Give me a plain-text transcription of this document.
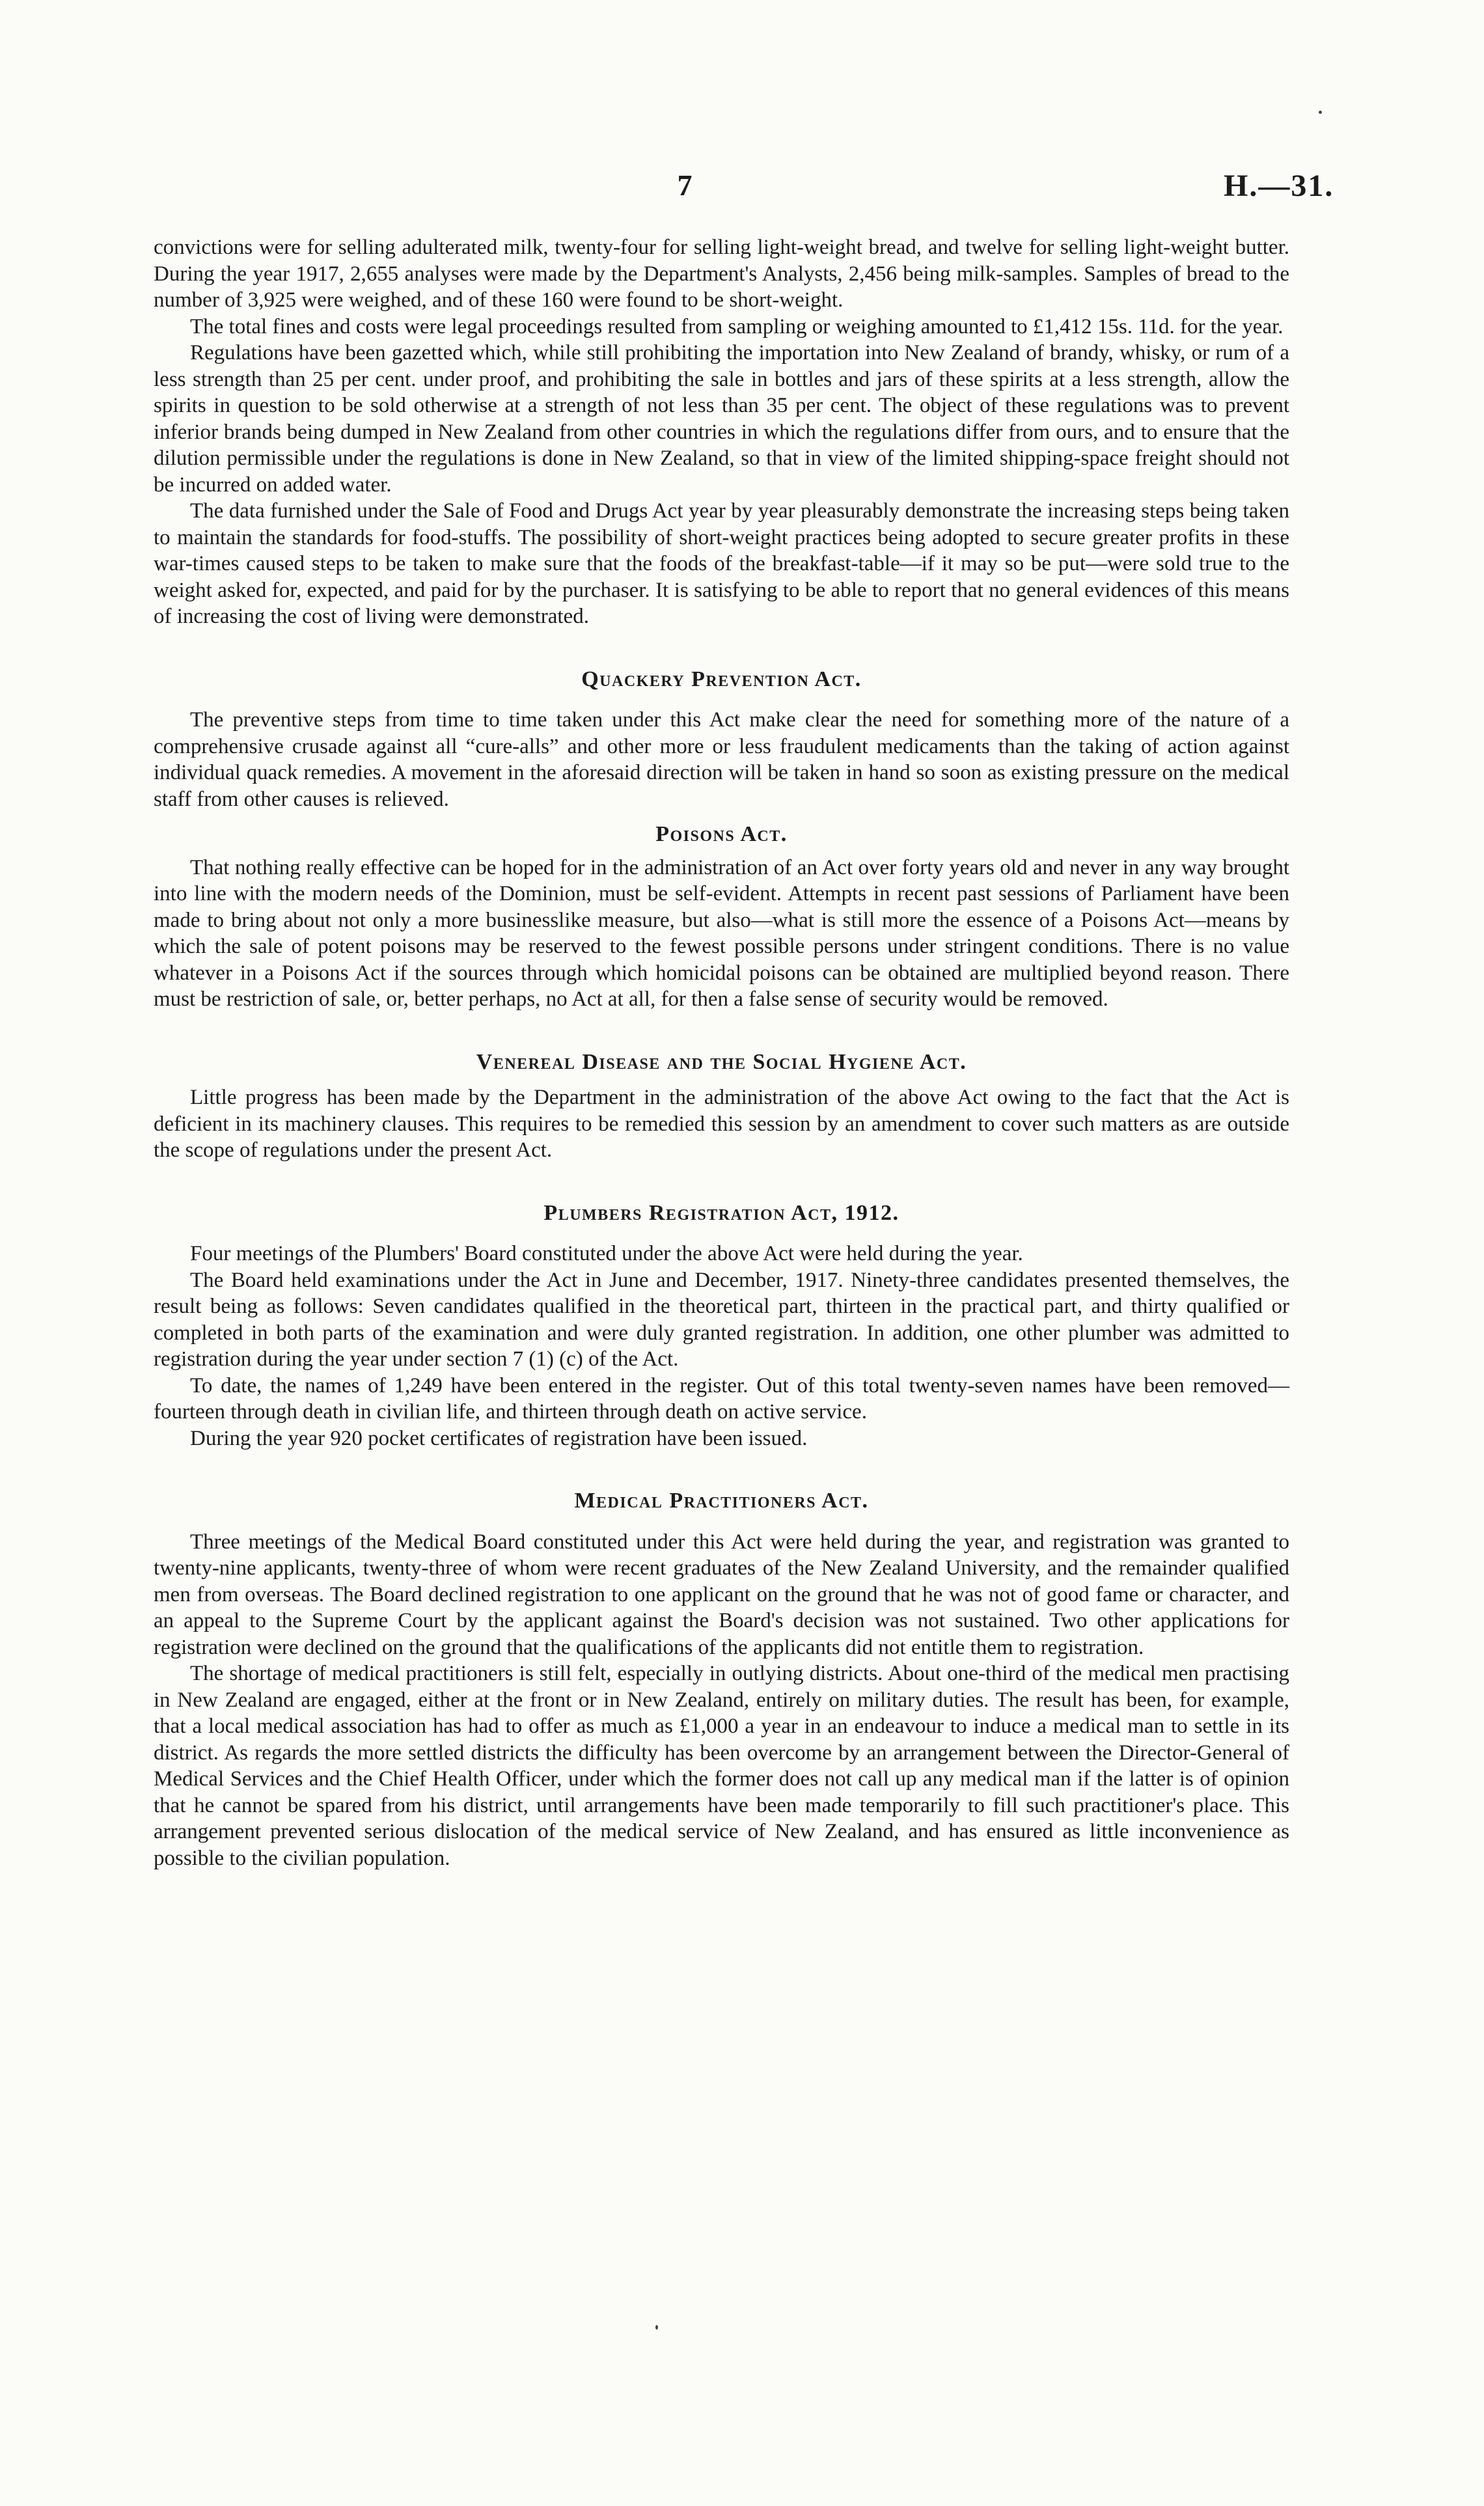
7	H.—31.

convictions were for selling adulterated milk, twenty-four for selling light-weight bread, and twelve for selling light-weight butter. During the year 1917, 2,655 analyses were made by the Department's Analysts, 2,456 being milk-samples. Samples of bread to the number of 3,925 were weighed, and of these 160 were found to be short-weight.

The total fines and costs were legal proceedings resulted from sampling or weighing amounted to £1,412 15s. 11d. for the year.

Regulations have been gazetted which, while still prohibiting the importation into New Zealand of brandy, whisky, or rum of a less strength than 25 per cent. under proof, and prohibiting the sale in bottles and jars of these spirits at a less strength, allow the spirits in question to be sold otherwise at a strength of not less than 35 per cent. The object of these regulations was to prevent inferior brands being dumped in New Zealand from other countries in which the regulations differ from ours, and to ensure that the dilution permissible under the regulations is done in New Zealand, so that in view of the limited shipping-space freight should not be incurred on added water.

The data furnished under the Sale of Food and Drugs Act year by year pleasurably demonstrate the increasing steps being taken to maintain the standards for food-stuffs. The possibility of short-weight practices being adopted to secure greater profits in these war-times caused steps to be taken to make sure that the foods of the breakfast-table—if it may so be put—were sold true to the weight asked for, expected, and paid for by the purchaser. It is satisfying to be able to report that no general evidences of this means of increasing the cost of living were demonstrated.

Quackery Prevention Act.

The preventive steps from time to time taken under this Act make clear the need for something more of the nature of a comprehensive crusade against all “cure-alls” and other more or less fraudulent medicaments than the taking of action against individual quack remedies. A movement in the aforesaid direction will be taken in hand so soon as existing pressure on the medical staff from other causes is relieved.

Poisons Act.

That nothing really effective can be hoped for in the administration of an Act over forty years old and never in any way brought into line with the modern needs of the Dominion, must be self-evident. Attempts in recent past sessions of Parliament have been made to bring about not only a more businesslike measure, but also—what is still more the essence of a Poisons Act—means by which the sale of potent poisons may be reserved to the fewest possible persons under stringent conditions. There is no value whatever in a Poisons Act if the sources through which homicidal poisons can be obtained are multiplied beyond reason. There must be restriction of sale, or, better perhaps, no Act at all, for then a false sense of security would be removed.

Venereal Disease and the Social Hygiene Act.

Little progress has been made by the Department in the administration of the above Act owing to the fact that the Act is deficient in its machinery clauses. This requires to be remedied this session by an amendment to cover such matters as are outside the scope of regulations under the present Act.

Plumbers Registration Act, 1912.

Four meetings of the Plumbers' Board constituted under the above Act were held during the year.

The Board held examinations under the Act in June and December, 1917. Ninety-three candidates presented themselves, the result being as follows: Seven candidates qualified in the theoretical part, thirteen in the practical part, and thirty qualified or completed in both parts of the examination and were duly granted registration. In addition, one other plumber was admitted to registration during the year under section 7 (1) (c) of the Act.

To date, the names of 1,249 have been entered in the register. Out of this total twenty-seven names have been removed—fourteen through death in civilian life, and thirteen through death on active service.

During the year 920 pocket certificates of registration have been issued.

Medical Practitioners Act.

Three meetings of the Medical Board constituted under this Act were held during the year, and registration was granted to twenty-nine applicants, twenty-three of whom were recent graduates of the New Zealand University, and the remainder qualified men from overseas. The Board declined registration to one applicant on the ground that he was not of good fame or character, and an appeal to the Supreme Court by the applicant against the Board's decision was not sustained. Two other applications for registration were declined on the ground that the qualifications of the applicants did not entitle them to registration.

The shortage of medical practitioners is still felt, especially in outlying districts. About one-third of the medical men practising in New Zealand are engaged, either at the front or in New Zealand, entirely on military duties. The result has been, for example, that a local medical association has had to offer as much as £1,000 a year in an endeavour to induce a medical man to settle in its district. As regards the more settled districts the difficulty has been overcome by an arrangement between the Director-General of Medical Services and the Chief Health Officer, under which the former does not call up any medical man if the latter is of opinion that he cannot be spared from his district, until arrangements have been made temporarily to fill such practitioner's place. This arrangement prevented serious dislocation of the medical service of New Zealand, and has ensured as little inconvenience as possible to the civilian population.
